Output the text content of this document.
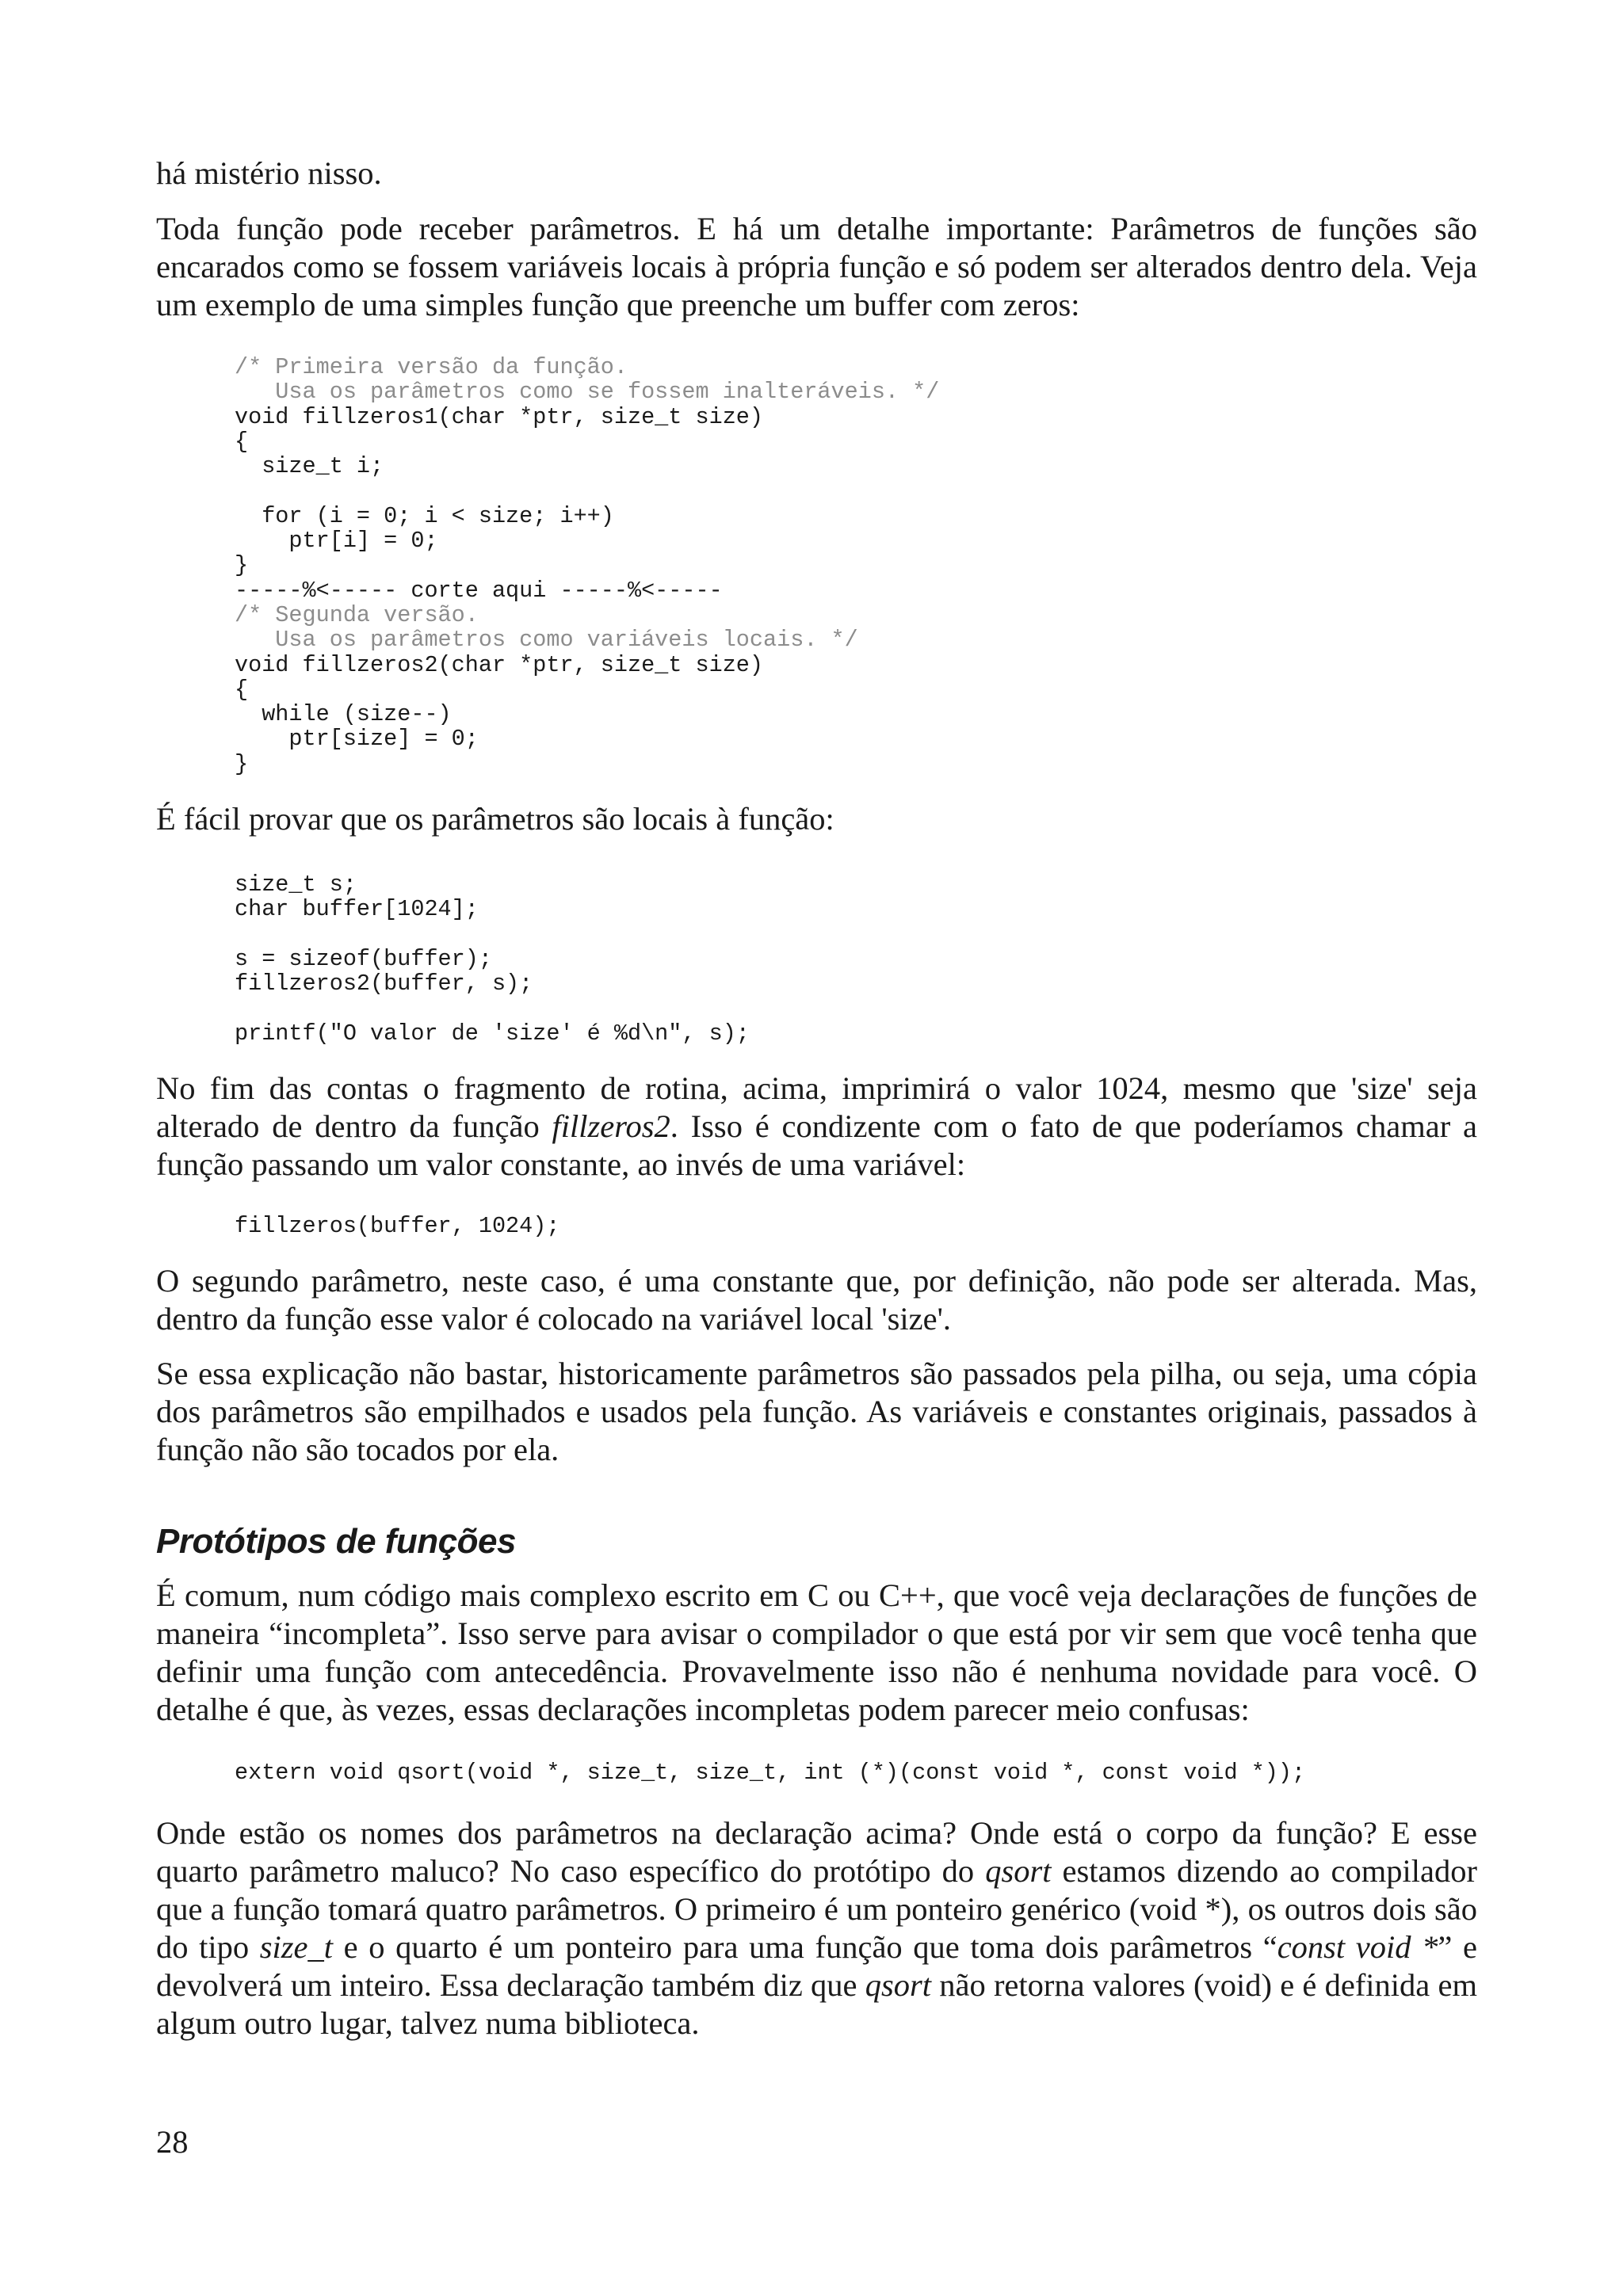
há mistério nisso.

Toda função pode receber parâmetros. E há um detalhe importante: Parâmetros de funções são encarados como se fossem variáveis locais à própria função e só podem ser alterados dentro dela. Veja um exemplo de uma simples função que preenche um buffer com zeros:

/* Primeira versão da função.
Usa os parâmetros como se fossem inalteráveis. */
void fillzeros1(char *ptr, size_t size)
{
size_t i;
for (i = 0; i < size; i++)
ptr[i] = 0;
}
-----%<----- corte aqui -----%<-----
/* Segunda versão.
Usa os parâmetros como variáveis locais. */
void fillzeros2(char *ptr, size_t size)
{
while (size--)
ptr[size] = 0;
}

É fácil provar que os parâmetros são locais à função:

size_t s;
char buffer[1024];
s = sizeof(buffer);
fillzeros2(buffer, s);
printf("O valor de 'size' é %d\n", s);

No fim das contas o fragmento de rotina, acima, imprimirá o valor 1024, mesmo que 'size' seja alterado de dentro da função fillzeros2. Isso é condizente com o fato de que poderíamos chamar a função passando um valor constante, ao invés de uma variável:

fillzeros(buffer, 1024);

O segundo parâmetro, neste caso, é uma constante que, por definição, não pode ser alterada. Mas, dentro da função esse valor é colocado na variável local 'size'.

Se essa explicação não bastar, historicamente parâmetros são passados pela pilha, ou seja, uma cópia dos parâmetros são empilhados e usados pela função. As variáveis e constantes originais, passados à função não são tocados por ela.

Protótipos de funções

É comum, num código mais complexo escrito em C ou C++, que você veja declarações de funções de maneira “incompleta”. Isso serve para avisar o compilador o que está por vir sem que você tenha que definir uma função com antecedência. Provavelmente isso não é nenhuma novidade para você. O detalhe é que, às vezes, essas declarações incompletas podem parecer meio confusas:

extern void qsort(void *, size_t, size_t, int (*)(const void *, const void *));

Onde estão os nomes dos parâmetros na declaração acima? Onde está o corpo da função? E esse quarto parâmetro maluco? No caso específico do protótipo do qsort estamos dizendo ao compilador que a função tomará quatro parâmetros. O primeiro é um ponteiro genérico (void *), os outros dois são do tipo size_t e o quarto é um ponteiro para uma função que toma dois parâmetros “const void *” e devolverá um inteiro. Essa declaração também diz que qsort não retorna valores (void) e é definida em algum outro lugar, talvez numa biblioteca.

28
